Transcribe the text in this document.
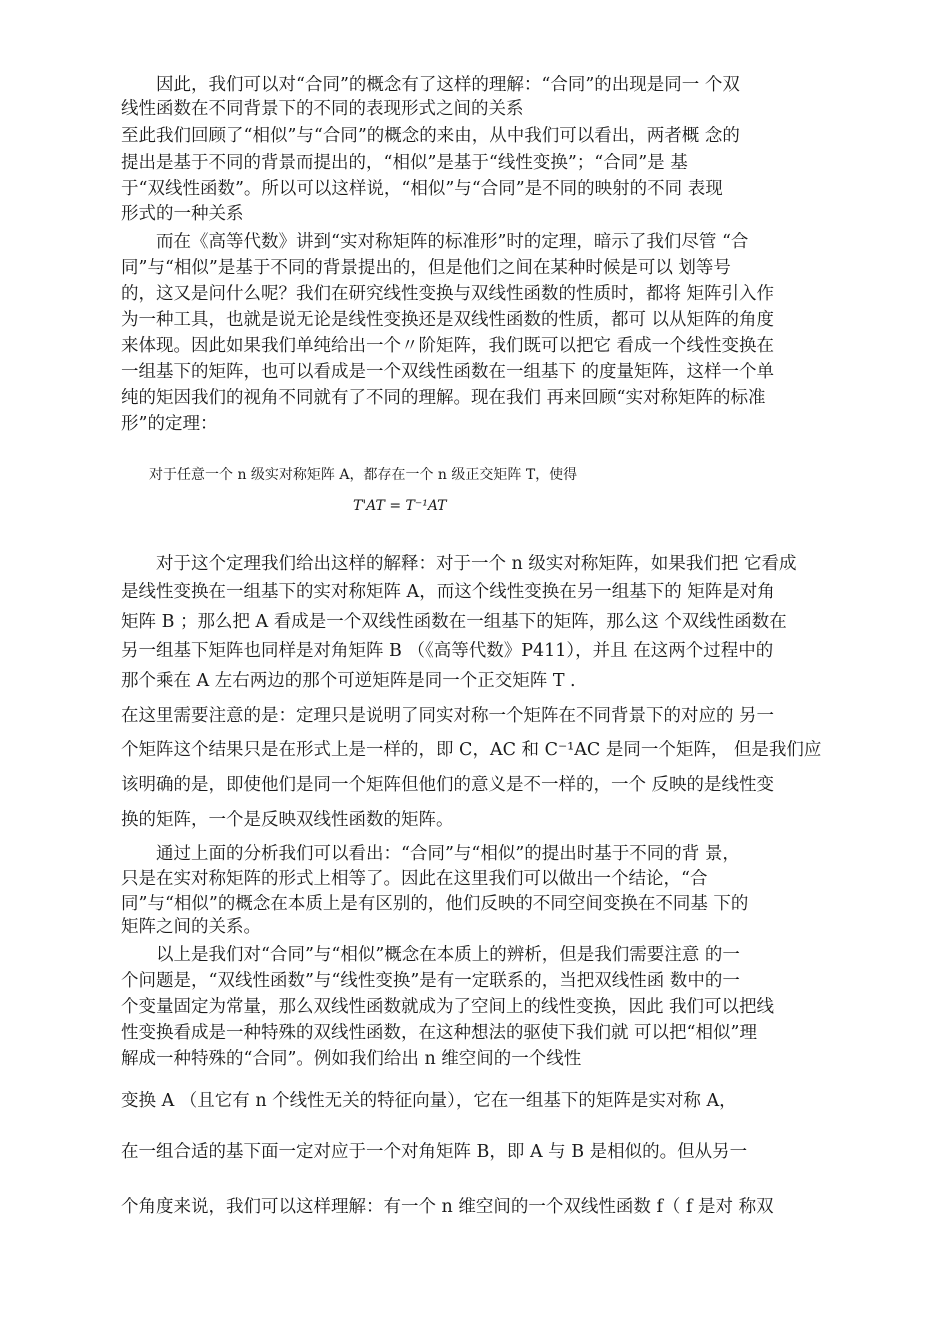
　　因此，我们可以对“合同”的概念有了这样的理解：“合同”的出现是同一 个双

线性函数在不同背景下的不同的表现形式之间的关系

至此我们回顾了“相似”与“合同”的概念的来由，从中我们可以看出，两者概 念的

提出是基于不同的背景而提出的，“相似”是基于“线性变换”；“合同”是 基

于“双线性函数”。所以可以这样说，“相似”与“合同”是不同的映射的不同 表现

形式的一种关系

　　而在《高等代数》讲到“实对称矩阵的标准形”时的定理，暗示了我们尽管 “合

同”与“相似”是基于不同的背景提出的，但是他们之间在某种时候是可以 划等号

的，这又是问什么呢？我们在研究线性变换与双线性函数的性质时，都将 矩阵引入作

为一种工具，也就是说无论是线性变换还是双线性函数的性质，都可 以从矩阵的角度

来体现。因此如果我们单纯给出一个〃阶矩阵，我们既可以把它 看成一个线性变换在

一组基下的矩阵，也可以看成是一个双线性函数在一组基下 的度量矩阵，这样一个单

纯的矩因我们的视角不同就有了不同的理解。现在我们 再来回顾“实对称矩阵的标准

形”的定理：

　　对于任意一个 n 级实对称矩阵 A，都存在一个 n 级正交矩阵 T，使得

T'AT = T⁻¹AT

　　对于这个定理我们给出这样的解释：对于一个 n 级实对称矩阵，如果我们把 它看成

是线性变换在一组基下的实对称矩阵 A，而这个线性变换在另一组基下的 矩阵是对角

矩阵 B ；那么把 A 看成是一个双线性函数在一组基下的矩阵，那么这 个双线性函数在

另一组基下矩阵也同样是对角矩阵 B （《高等代数》P411），并且 在这两个过程中的

那个乘在 A 左右两边的那个可逆矩阵是同一个正交矩阵 T .

在这里需要注意的是：定理只是说明了同实对称一个矩阵在不同背景下的对应的 另一

个矩阵这个结果只是在形式上是一样的，即 C，AC 和 C⁻¹AC 是同一个矩阵， 但是我们应

该明确的是，即使他们是同一个矩阵但他们的意义是不一样的，一个 反映的是线性变

换的矩阵，一个是反映双线性函数的矩阵。

　　通过上面的分析我们可以看出：“合同”与“相似”的提出时基于不同的背 景，

只是在实对称矩阵的形式上相等了。因此在这里我们可以做出一个结论，“合

同”与“相似”的概念在本质上是有区别的，他们反映的不同空间变换在不同基 下的

矩阵之间的关系。

　　以上是我们对“合同”与“相似”概念在本质上的辨析，但是我们需要注意 的一

个问题是，“双线性函数”与“线性变换”是有一定联系的，当把双线性函 数中的一

个变量固定为常量，那么双线性函数就成为了空间上的线性变换，因此 我们可以把线

性变换看成是一种特殊的双线性函数，在这种想法的驱使下我们就 可以把“相似”理

解成一种特殊的“合同”。例如我们给出 n 维空间的一个线性

变换 A （且它有 n 个线性无关的特征向量），它在一组基下的矩阵是实对称 A，

在一组合适的基下面一定对应于一个对角矩阵 B，即 A 与 B 是相似的。但从另一

个角度来说，我们可以这样理解：有一个 n 维空间的一个双线性函数 f（ f 是对 称双
